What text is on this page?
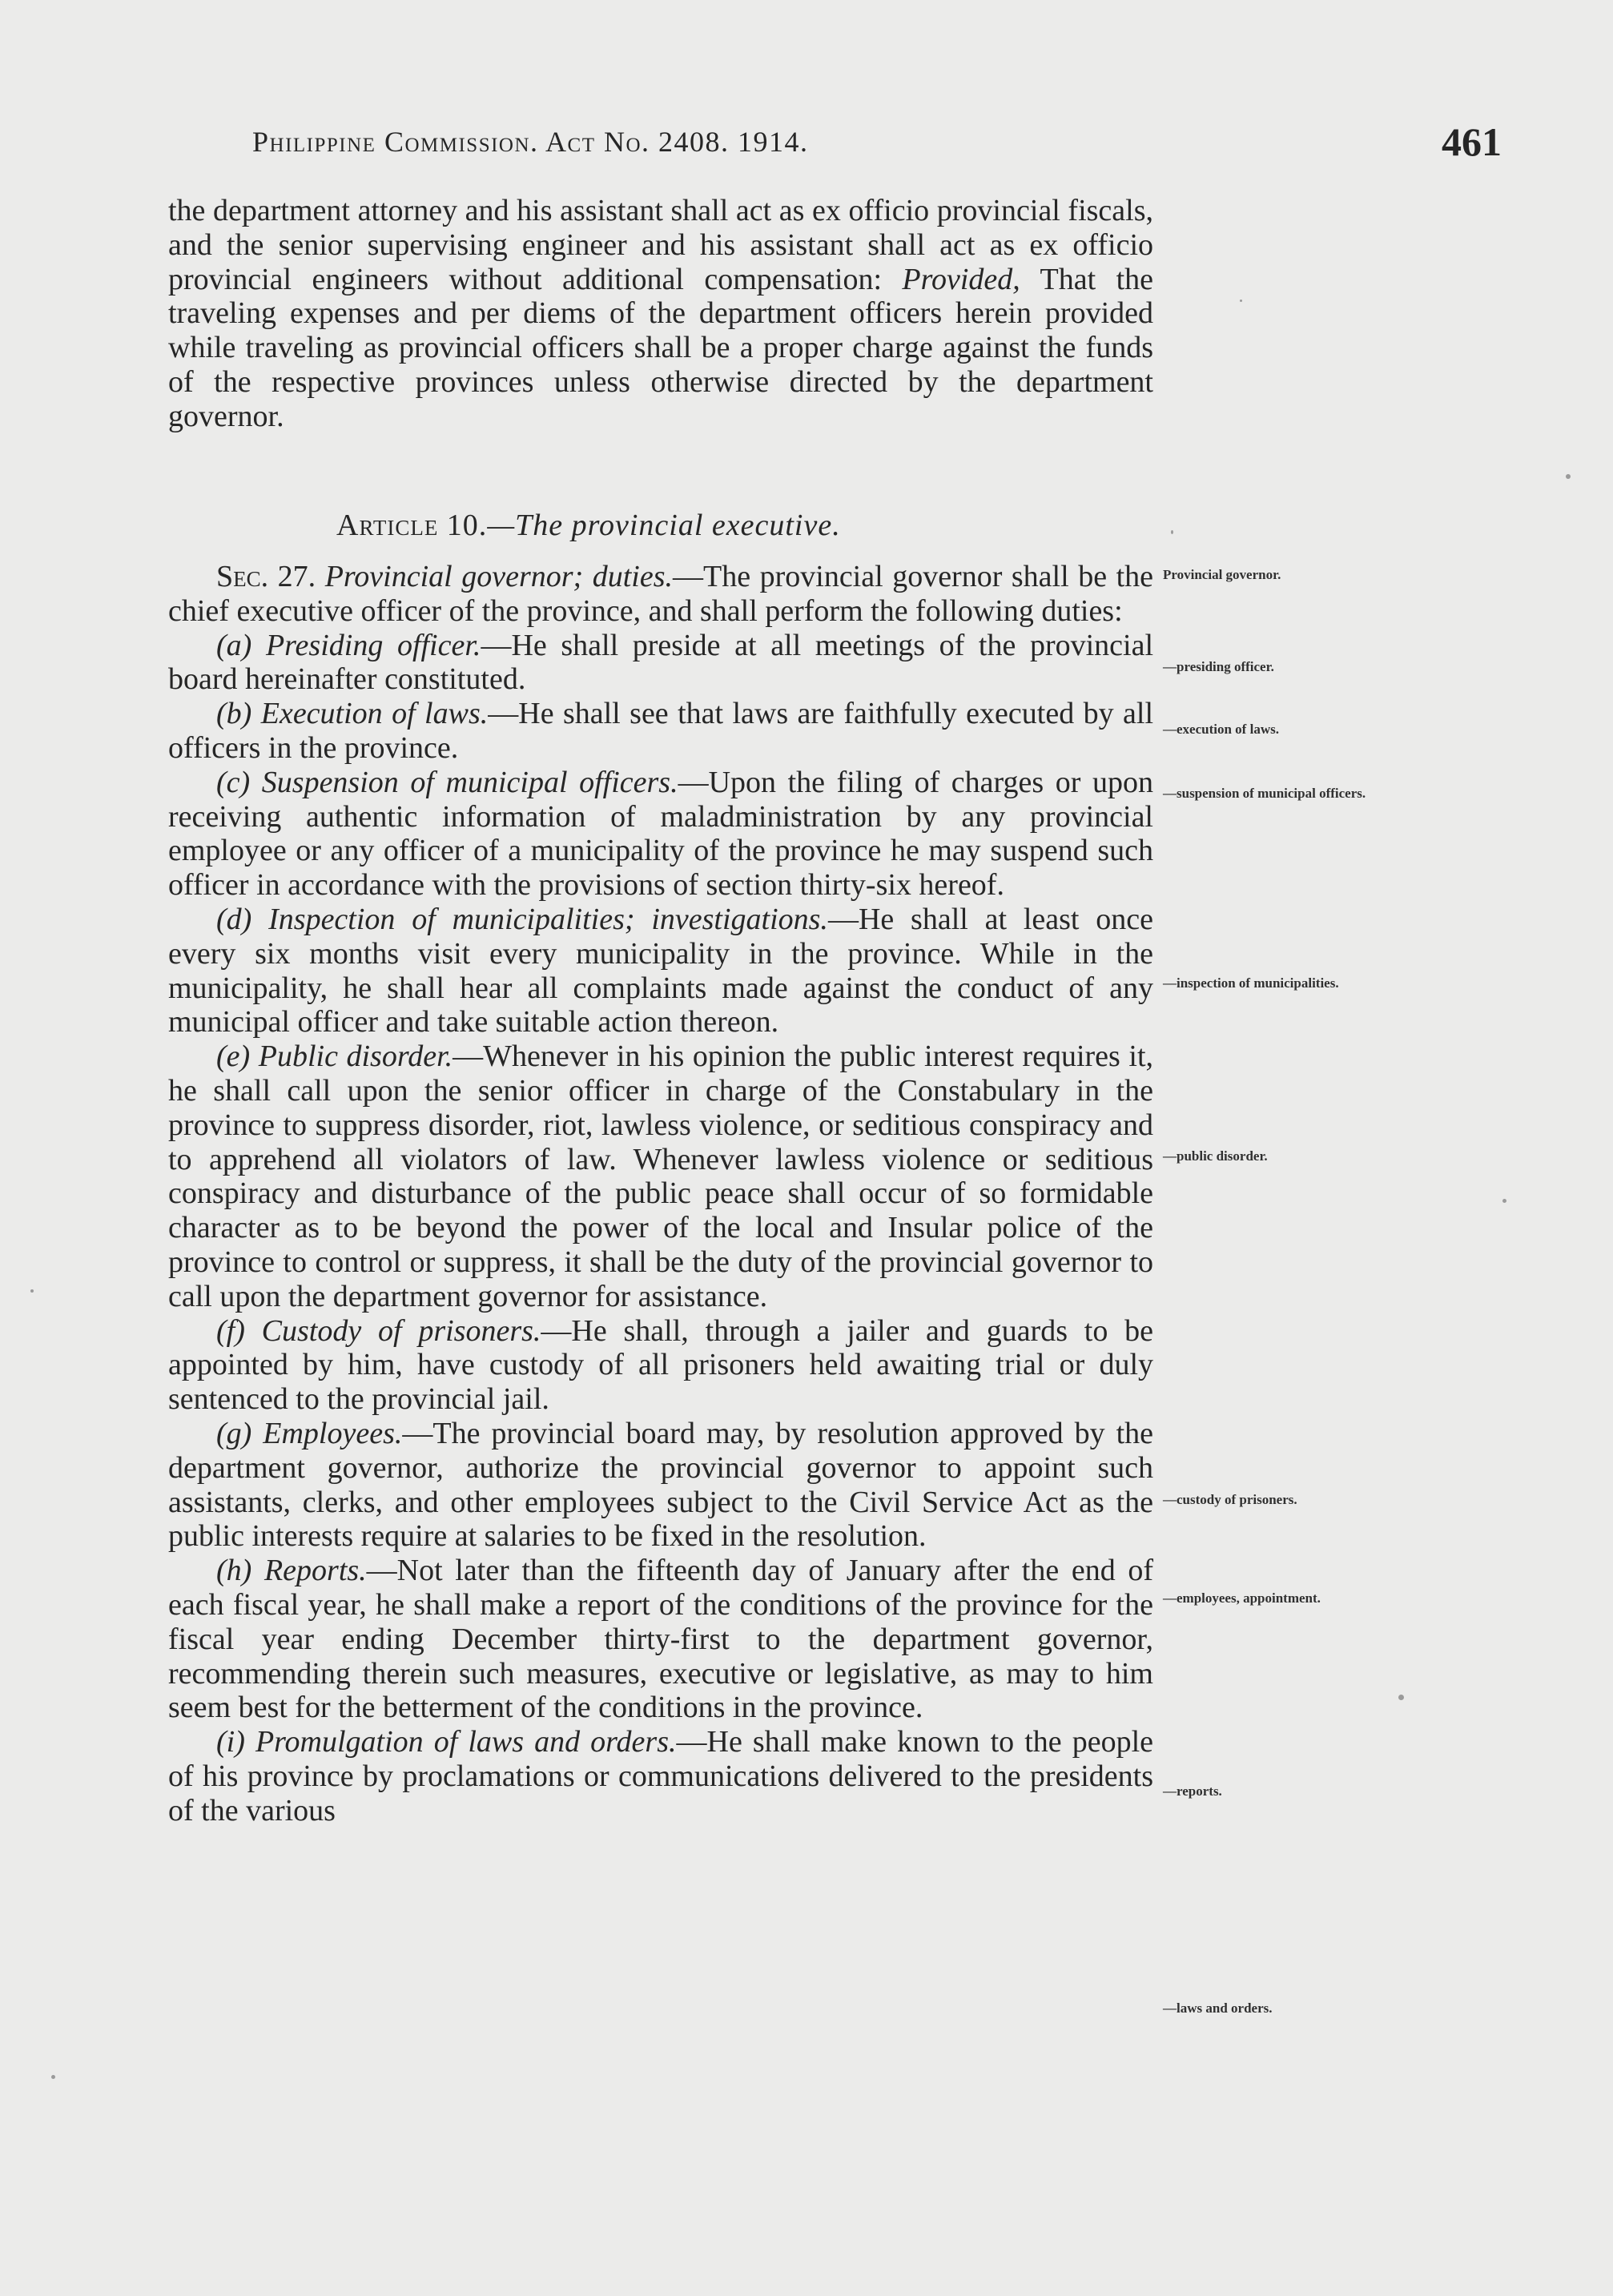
Philippine Commission. Act No. 2408. 1914.	461
the department attorney and his assistant shall act as ex officio provincial fiscals, and the senior supervising engineer and his assistant shall act as ex officio provincial engineers without additional compensation: Provided, That the traveling expenses and per diems of the department officers herein provided while traveling as provincial officers shall be a proper charge against the funds of the respective provinces unless otherwise directed by the department governor.
Article 10.—The provincial executive.

Sec. 27. Provincial governor; duties.—The provincial governor shall be the chief executive officer of the province, and shall perform the following duties:

(a) Presiding officer.—He shall preside at all meetings of the provincial board hereinafter constituted.

(b) Execution of laws.—He shall see that laws are faithfully executed by all officers in the province.

(c) Suspension of municipal officers.—Upon the filing of charges or upon receiving authentic information of maladministration by any provincial employee or any officer of a municipality of the province he may suspend such officer in accordance with the provisions of section thirty-six hereof.

(d) Inspection of municipalities; investigations.—He shall at least once every six months visit every municipality in the province. While in the municipality, he shall hear all complaints made against the conduct of any municipal officer and take suitable action thereon.

(e) Public disorder.—Whenever in his opinion the public interest requires it, he shall call upon the senior officer in charge of the Constabulary in the province to suppress disorder, riot, lawless violence, or seditious conspiracy and to apprehend all violators of law. Whenever lawless violence or seditious conspiracy and disturbance of the public peace shall occur of so formidable character as to be beyond the power of the local and Insular police of the province to control or suppress, it shall be the duty of the provincial governor to call upon the department governor for assistance.

(f) Custody of prisoners.—He shall, through a jailer and guards to be appointed by him, have custody of all prisoners held awaiting trial or duly sentenced to the provincial jail.

(g) Employees.—The provincial board may, by resolution approved by the department governor, authorize the provincial governor to appoint such assistants, clerks, and other employees subject to the Civil Service Act as the public interests require at salaries to be fixed in the resolution.

(h) Reports.—Not later than the fifteenth day of January after the end of each fiscal year, he shall make a report of the conditions of the province for the fiscal year ending December thirty-first to the department governor, recommending therein such measures, executive or legislative, as may to him seem best for the betterment of the conditions in the province.

(i) Promulgation of laws and orders.—He shall make known to the people of his province by proclamations or communications delivered to the presidents of the various

Provincial governor.
—presiding officer.
—execution of laws.
—suspension of municipal officers.
—inspection of municipalities.
—public disorder.
—custody of prisoners.
—employees, appointment.
—reports.
—laws and orders.
